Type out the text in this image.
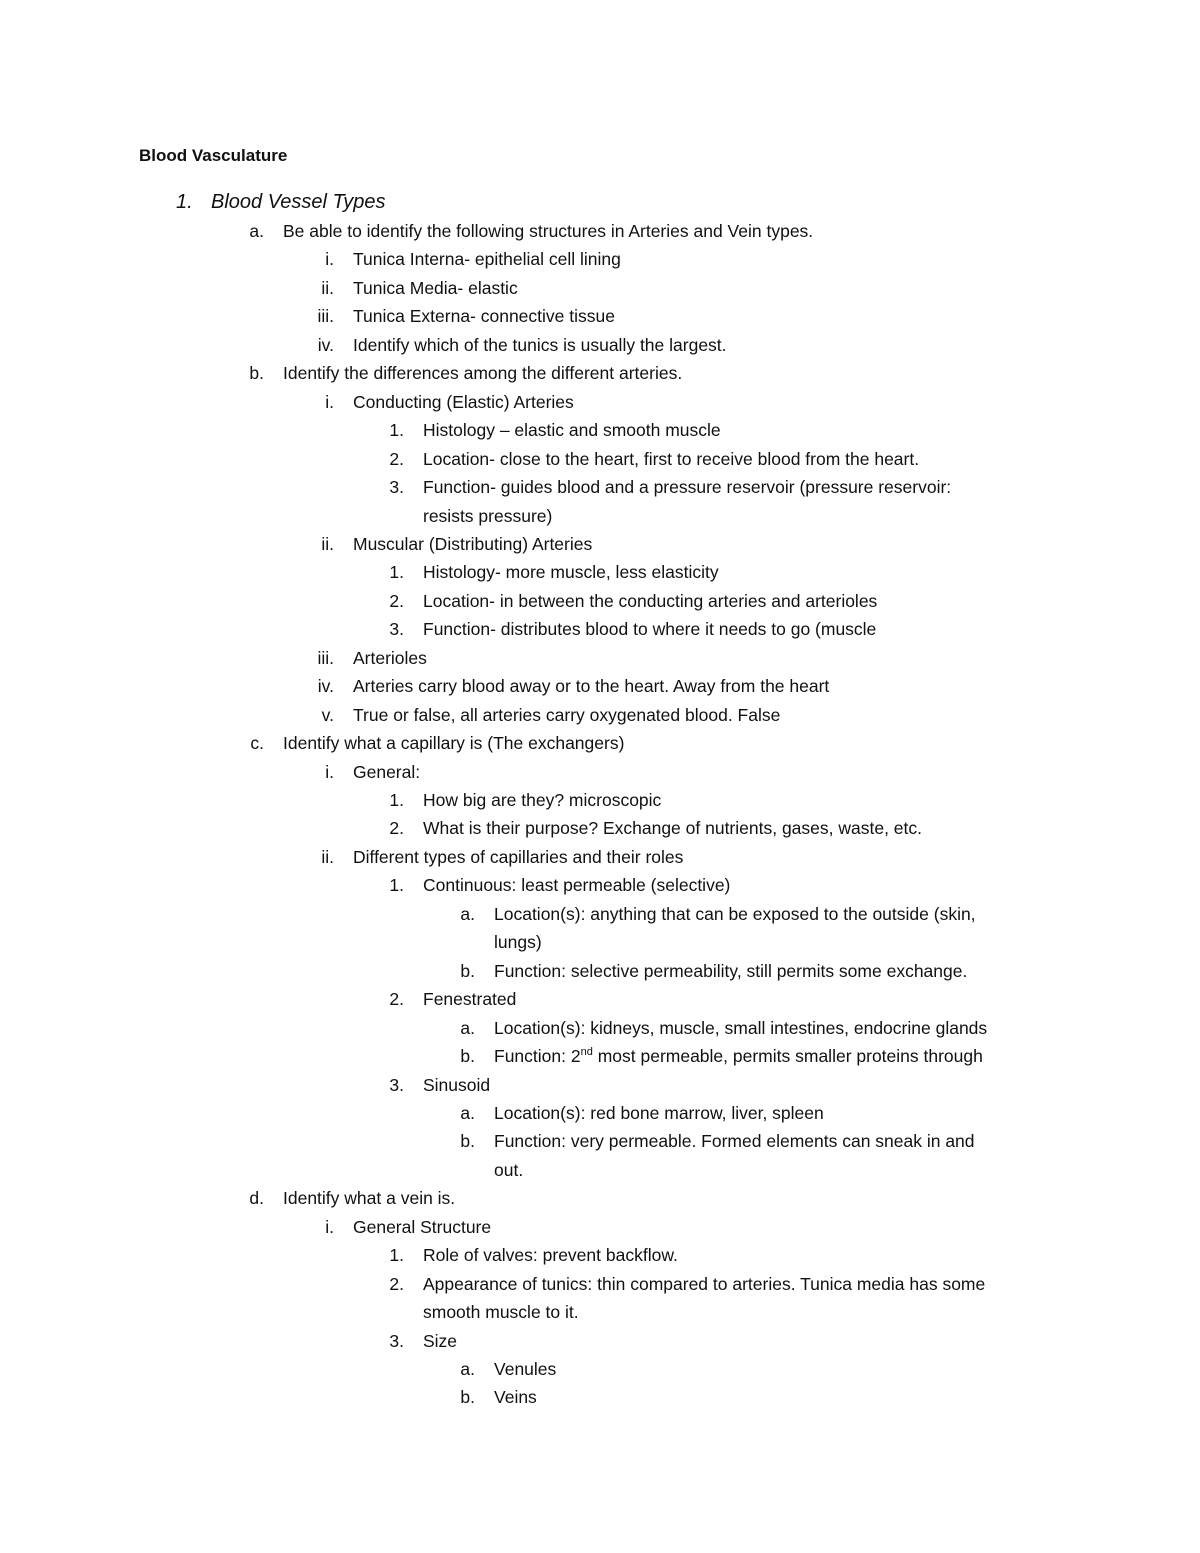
Blood Vasculature
1. Blood Vessel Types
a. Be able to identify the following structures in Arteries and Vein types.
i. Tunica Interna- epithelial cell lining
ii. Tunica Media- elastic
iii. Tunica Externa- connective tissue
iv. Identify which of the tunics is usually the largest.
b. Identify the differences among the different arteries.
i. Conducting (Elastic) Arteries
1. Histology – elastic and smooth muscle
2. Location- close to the heart, first to receive blood from the heart.
3. Function- guides blood and a pressure reservoir (pressure reservoir:
resists pressure)
ii. Muscular (Distributing) Arteries
1. Histology- more muscle, less elasticity
2. Location- in between the conducting arteries and arterioles
3. Function- distributes blood to where it needs to go (muscle
iii. Arterioles
iv. Arteries carry blood away or to the heart. Away from the heart
v. True or false, all arteries carry oxygenated blood. False
c. Identify what a capillary is (The exchangers)
i. General:
1. How big are they? microscopic
2. What is their purpose? Exchange of nutrients, gases, waste, etc.
ii. Different types of capillaries and their roles
1. Continuous: least permeable (selective)
a. Location(s): anything that can be exposed to the outside (skin,
lungs)
b. Function: selective permeability, still permits some exchange.
2. Fenestrated
a. Location(s): kidneys, muscle, small intestines, endocrine glands
b. Function: 2nd most permeable, permits smaller proteins through
3. Sinusoid
a. Location(s): red bone marrow, liver, spleen
b. Function: very permeable. Formed elements can sneak in and
out.
d. Identify what a vein is.
i. General Structure
1. Role of valves: prevent backflow.
2. Appearance of tunics: thin compared to arteries. Tunica media has some
smooth muscle to it.
3. Size
a. Venules
b. Veins
